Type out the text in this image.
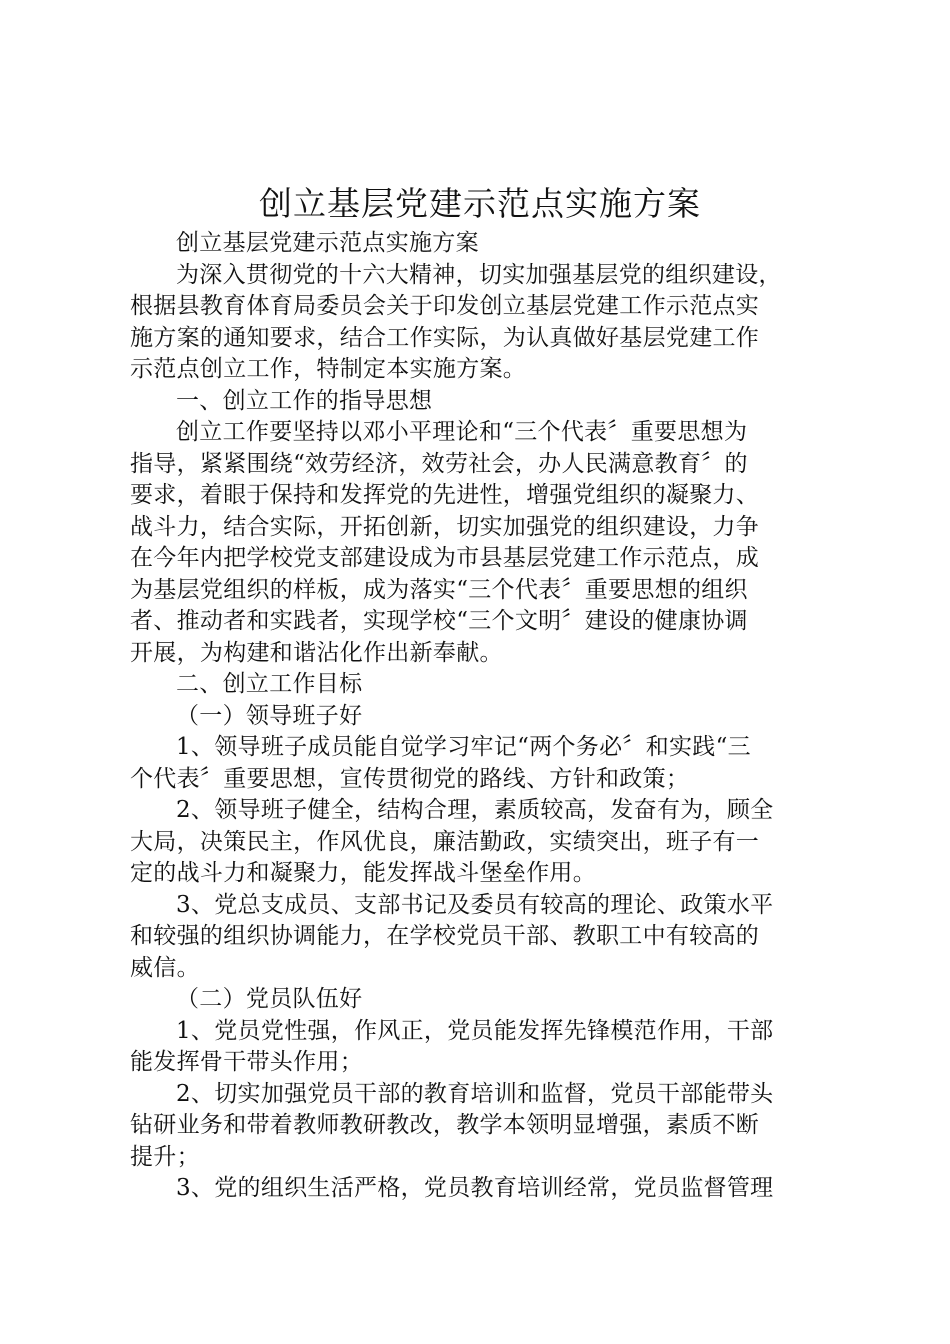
创立基层党建示范点实施方案
创立基层党建示范点实施方案
为深入贯彻党的十六大精神，切实加强基层党的组织建设，
根据县教育体育局委员会关于印发创立基层党建工作示范点实
施方案的通知要求，结合工作实际，为认真做好基层党建工作
示范点创立工作，特制定本实施方案。
一、创立工作的指导思想
创立工作要坚持以邓小平理论和“三个代表〞重要思想为
指导，紧紧围绕“效劳经济，效劳社会，办人民满意教育〞的
要求，着眼于保持和发挥党的先进性，增强党组织的凝聚力、
战斗力，结合实际，开拓创新，切实加强党的组织建设，力争
在今年内把学校党支部建设成为市县基层党建工作示范点，成
为基层党组织的样板，成为落实“三个代表〞重要思想的组织
者、推动者和实践者，实现学校“三个文明〞建设的健康协调
开展，为构建和谐沾化作出新奉献。
二、创立工作目标
（一）领导班子好
1、领导班子成员能自觉学习牢记“两个务必〞和实践“三
个代表〞重要思想，宣传贯彻党的路线、方针和政策；
2、领导班子健全，结构合理，素质较高，发奋有为，顾全
大局，决策民主，作风优良，廉洁勤政，实绩突出，班子有一
定的战斗力和凝聚力，能发挥战斗堡垒作用。
3、党总支成员、支部书记及委员有较高的理论、政策水平
和较强的组织协调能力，在学校党员干部、教职工中有较高的
威信。
（二）党员队伍好
1、党员党性强，作风正，党员能发挥先锋模范作用，干部
能发挥骨干带头作用；
2、切实加强党员干部的教育培训和监督，党员干部能带头
钻研业务和带着教师教研教改，教学本领明显增强，素质不断
提升；
3、党的组织生活严格，党员教育培训经常，党员监督管理
